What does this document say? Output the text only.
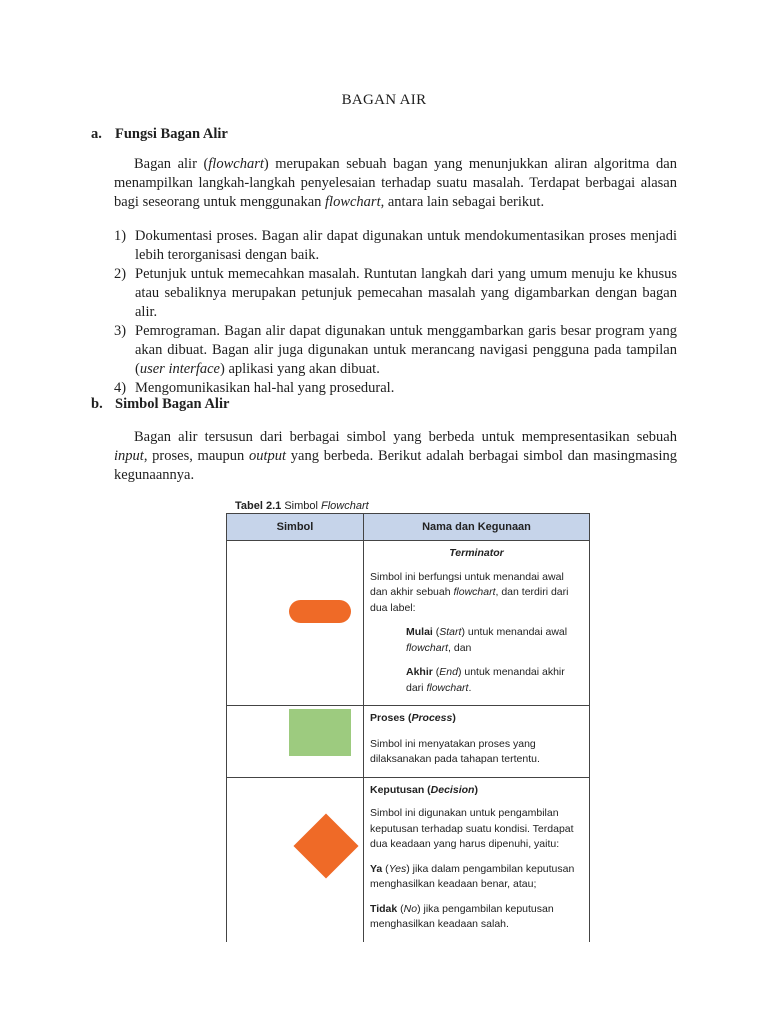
BAGAN AIR
a. Fungsi Bagan Alir
Bagan alir (flowchart) merupakan sebuah bagan yang menunjukkan aliran algoritma dan menampilkan langkah-langkah penyelesaian terhadap suatu masalah. Terdapat berbagai alasan bagi seseorang untuk menggunakan flowchart, antara lain sebagai berikut.
1) Dokumentasi proses. Bagan alir dapat digunakan untuk mendokumentasikan proses menjadi lebih terorganisasi dengan baik.
2) Petunjuk untuk memecahkan masalah. Runtutan langkah dari yang umum menuju ke khusus atau sebaliknya merupakan petunjuk pemecahan masalah yang digambarkan dengan bagan alir.
3) Pemrograman. Bagan alir dapat digunakan untuk menggambarkan garis besar program yang akan dibuat. Bagan alir juga digunakan untuk merancang navigasi pengguna pada tampilan (user interface) aplikasi yang akan dibuat.
4) Mengomunikasikan hal-hal yang prosedural.
b. Simbol Bagan Alir
Bagan alir tersusun dari berbagai simbol yang berbeda untuk mempresentasikan sebuah input, proses, maupun output yang berbeda. Berikut adalah berbagai simbol dan masingmasing kegunaannya.
Tabel 2.1 Simbol Flowchart
Simbol	Nama dan Kegunaan

	Terminator

Simbol ini berfungsi untuk menandai awal dan akhir sebuah flowchart, dan terdiri dari dua label:

Mulai (Start) untuk menandai awal flowchart, dan

Akhir (End) untuk menandai akhir dari flowchart.

	Proses (Process)

Simbol ini menyatakan proses yang dilaksanakan pada tahapan tertentu.

	Keputusan (Decision)

Simbol ini digunakan untuk pengambilan keputusan terhadap suatu kondisi. Terdapat dua keadaan yang harus dipenuhi, yaitu:

Ya (Yes) jika dalam pengambilan keputusan menghasilkan keadaan benar, atau;

Tidak (No) jika pengambilan keputusan menghasilkan keadaan salah.
